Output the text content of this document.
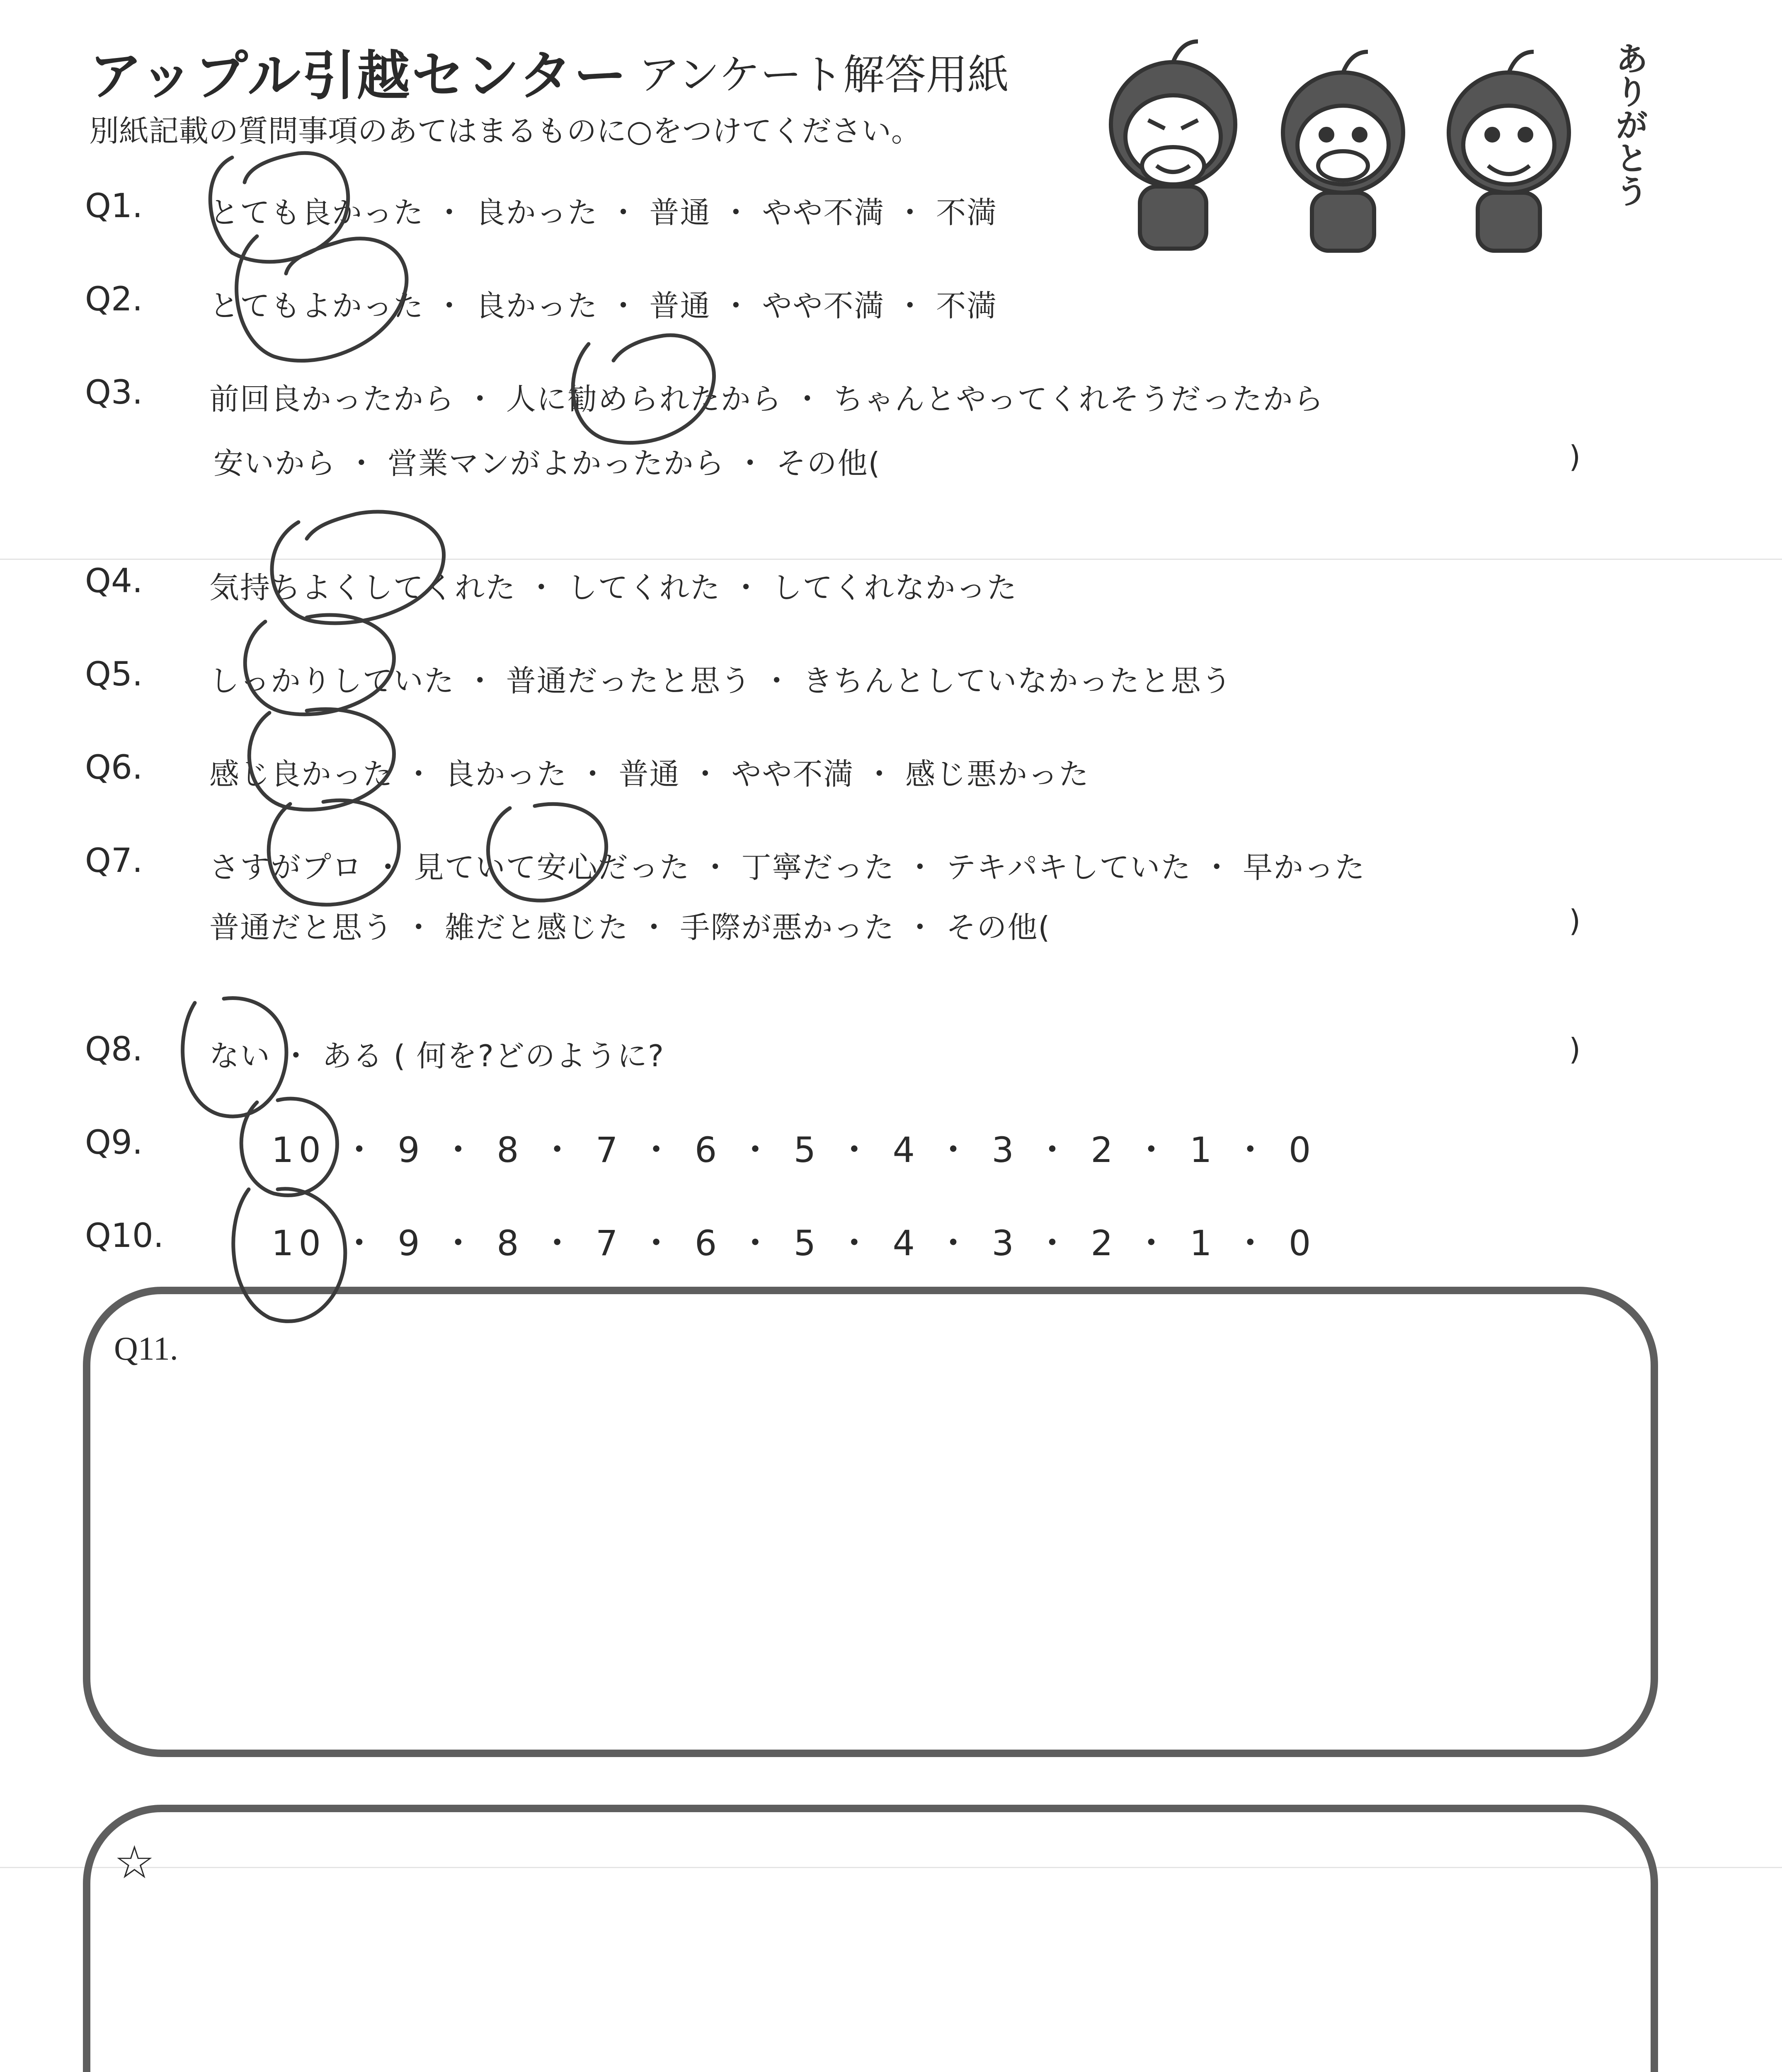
アップル引越センター アンケート解答用紙
別紙記載の質問事項のあてはまるものに○をつけてください。	ありがとう
Q1. とても良かった ・ 良かった ・ 普通 ・ やや不満 ・ 不満
Q2. とてもよかった ・ 良かった ・ 普通 ・ やや不満 ・ 不満
Q3. 前回良かったから ・ 人に勧められたから ・ ちゃんとやってくれそうだったから
安いから ・ 営業マンがよかったから ・ その他(	)
Q4. 気持ちよくしてくれた ・ してくれた ・ してくれなかった
Q5. しっかりしていた ・ 普通だったと思う ・ きちんとしていなかったと思う
Q6. 感じ良かった ・ 良かった ・ 普通 ・ やや不満 ・ 感じ悪かった
Q7. さすがプロ ・ 見ていて安心だった ・ 丁寧だった ・ テキパキしていた ・ 早かった
普通だと思う ・ 雑だと感じた ・ 手際が悪かった ・ その他(	)
Q8. ない ・ ある ( 何を?どのように?	)
Q9.	10 ・ 9 ・ 8 ・ 7 ・ 6 ・ 5 ・ 4 ・ 3 ・ 2 ・ 1 ・ 0
Q10.	10 ・ 9 ・ 8 ・ 7 ・ 6 ・ 5 ・ 4 ・ 3 ・ 2 ・ 1 ・ 0
Q11.
☆
